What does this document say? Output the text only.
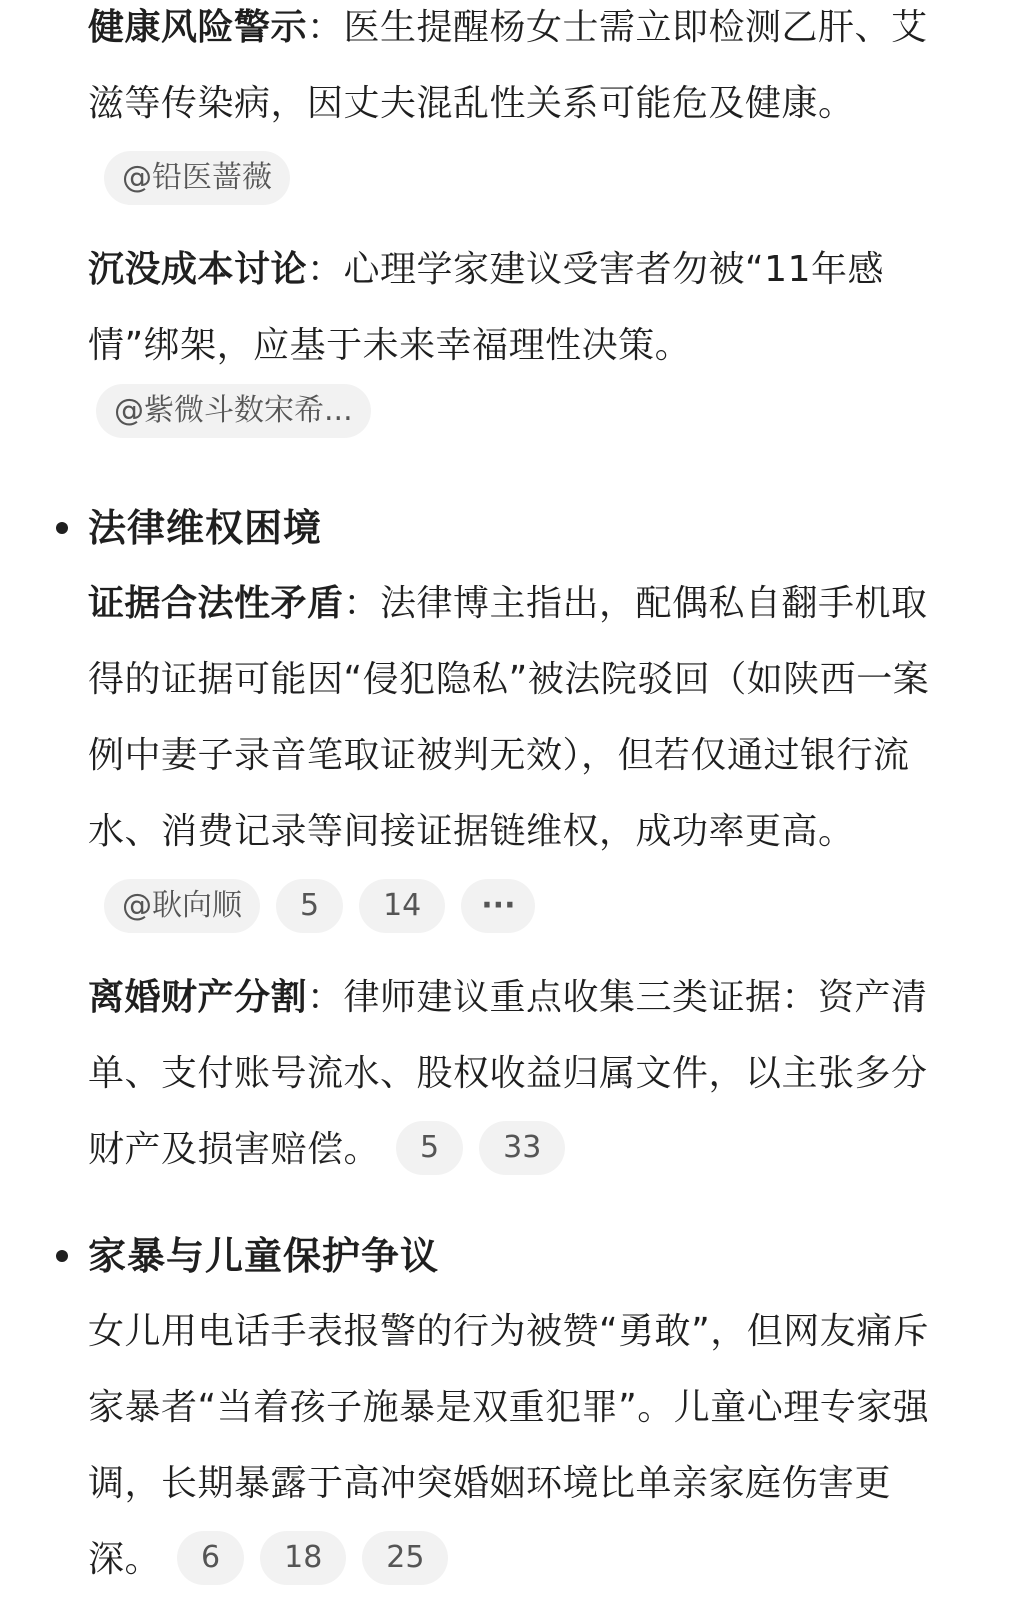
健康风险警示：医生提醒杨女士需立即检测乙肝、艾滋等传染病，因丈夫混乱性关系可能危及健康。@铅医蔷薇
沉没成本讨论：心理学家建议受害者勿被“11年感情”绑架，应基于未来幸福理性决策。
@紫微斗数宋希...
法律维权困境
证据合法性矛盾：法律博主指出，配偶私自翻手机取得的证据可能因“侵犯隐私”被法院驳回（如陕西一案例中妻子录音笔取证被判无效），但若仅通过银行流水、消费记录等间接证据链维权，成功率更高。@耿向顺 5 14 ···
离婚财产分割：律师建议重点收集三类证据：资产清单、支付账号流水、股权收益归属文件，以主张多分财产及损害赔偿。 5 33
家暴与儿童保护争议
女儿用电话手表报警的行为被赞“勇敢”，但网友痛斥家暴者“当着孩子施暴是双重犯罪”。儿童心理专家强调，长期暴露于高冲突婚姻环境比单亲家庭伤害更深。 6 18 25
